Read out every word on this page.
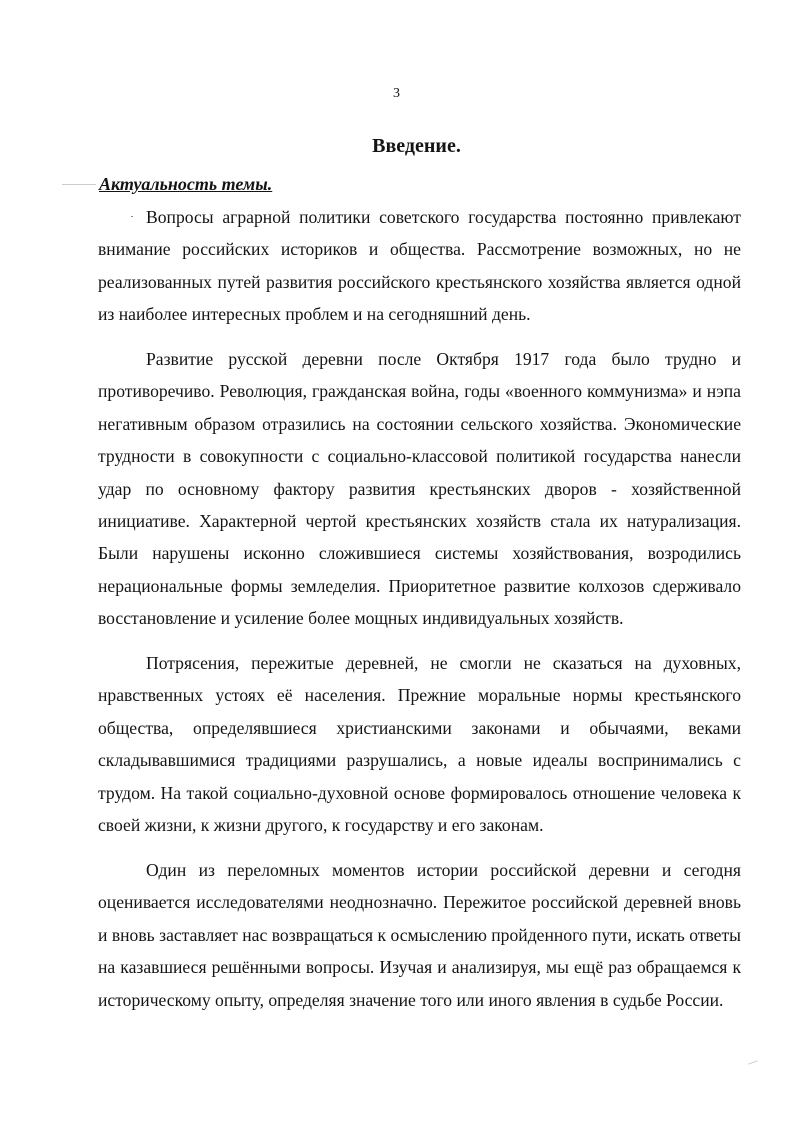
3
Введение.
Актуальность темы.

Вопросы аграрной политики советского государства постоянно привлекают внимание российских историков и общества. Рассмотрение возможных, но не реализованных путей развития российского крестьянского хозяйства является одной из наиболее интересных проблем и на сегодняшний день.

Развитие русской деревни после Октября 1917 года было трудно и противоречиво. Революция, гражданская война, годы «военного коммунизма» и нэпа негативным образом отразились на состоянии сельского хозяйства. Экономические трудности в совокупности с социально-классовой политикой государства нанесли удар по основному фактору развития крестьянских дворов - хозяйственной инициативе. Характерной чертой крестьянских хозяйств стала их натурализация. Были нарушены исконно сложившиеся системы хозяйствования, возродились нерациональные формы земледелия. Приоритетное развитие колхозов сдерживало восстановление и усиление более мощных индивидуальных хозяйств.

Потрясения, пережитые деревней, не смогли не сказаться на духовных, нравственных устоях её населения. Прежние моральные нормы крестьянского общества, определявшиеся христианскими законами и обычаями, веками складывавшимися традициями разрушались, а новые идеалы воспринимались с трудом. На такой социально-духовной основе формировалось отношение человека к своей жизни, к жизни другого, к государству и его законам.

Один из переломных моментов истории российской деревни и сегодня оценивается исследователями неоднозначно. Пережитое российской деревней вновь и вновь заставляет нас возвращаться к осмыслению пройденного пути, искать ответы на казавшиеся решёнными вопросы. Изучая и анализируя, мы ещё раз обращаемся к историческому опыту, определяя значение того или иного явления в судьбе России.
